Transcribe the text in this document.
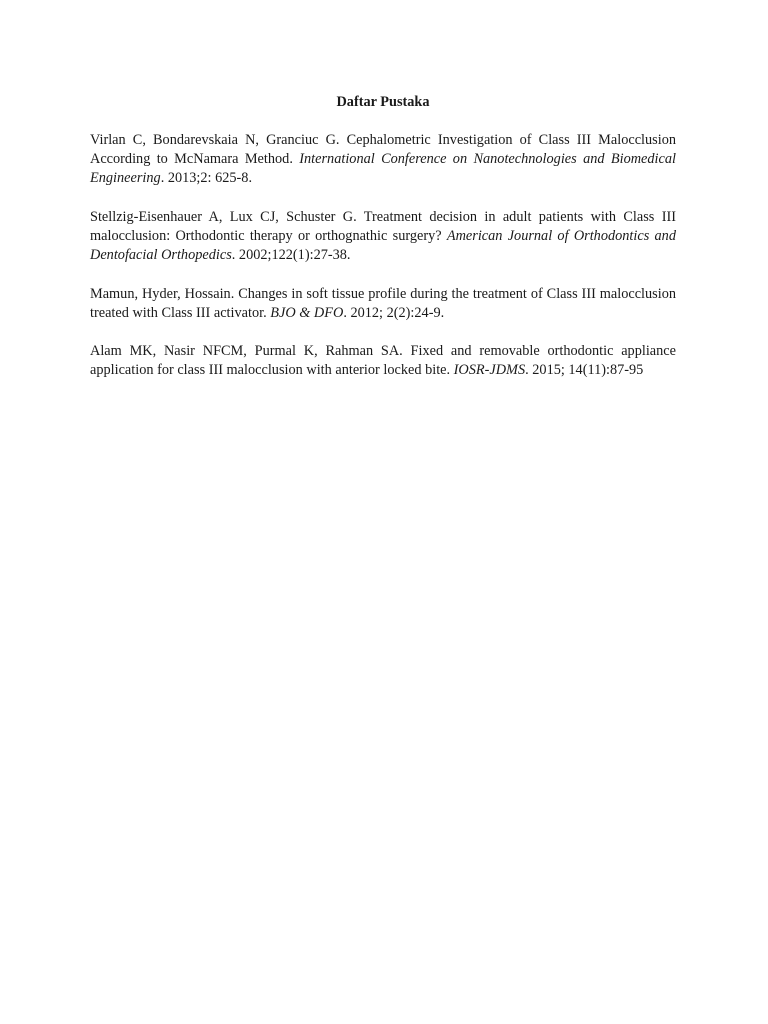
Daftar Pustaka

Virlan C, Bondarevskaia N, Granciuc G. Cephalometric Investigation of Class III Malocclusion According to McNamara Method. International Conference on Nanotechnologies and Biomedical Engineering. 2013;2: 625-8.

Stellzig-Eisenhauer A, Lux CJ, Schuster G. Treatment decision in adult patients with Class III malocclusion: Orthodontic therapy or orthognathic surgery? American Journal of Orthodontics and Dentofacial Orthopedics. 2002;122(1):27-38.

Mamun, Hyder, Hossain. Changes in soft tissue profile during the treatment of Class III malocclusion treated with Class III activator. BJO & DFO. 2012; 2(2):24-9.

Alam MK, Nasir NFCM, Purmal K, Rahman SA. Fixed and removable orthodontic appliance application for class III malocclusion with anterior locked bite. IOSR-JDMS. 2015; 14(11):87-95
